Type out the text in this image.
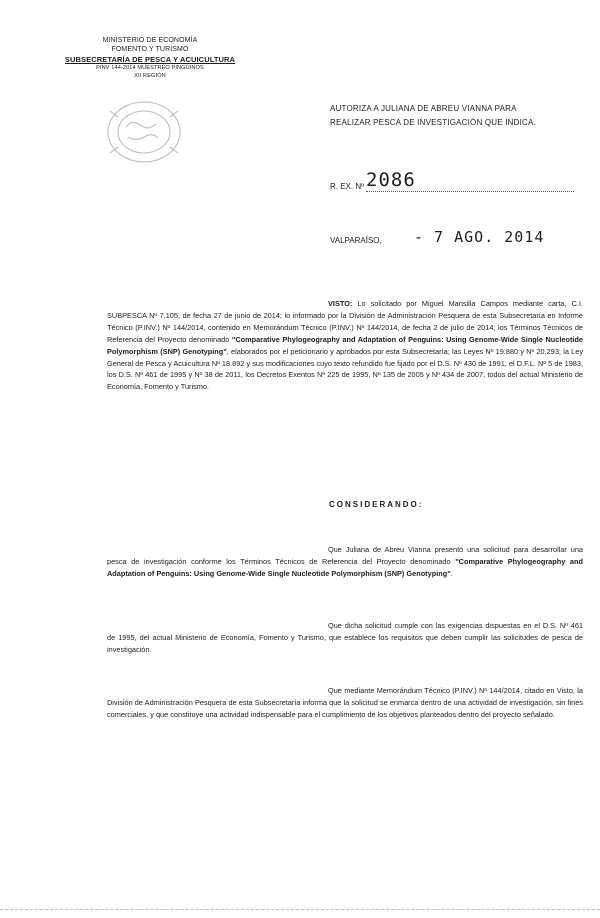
MINISTERIO DE ECONOMÍA
FOMENTO Y TURISMO
SUBSECRETARÍA DE PESCA Y ACUICULTURA
PINV 144-2014 MUESTREO PINGÜINOS
XII REGIÓN
AUTORIZA A JULIANA DE ABREU VIANNA PARA
REALIZAR PESCA DE INVESTIGACIÓN QUE INDICA.
R. EX. Nº 2086
VALPARAÍSO, - 7 AGO. 2014
VISTO: Lo solicitado por Miguel Mansilla Campos mediante carta, C.I. SUBPESCA Nº 7.105, de fecha 27 de junio de 2014; lo informado por la División de Administración Pesquera de esta Subsecretaría en Informe Técnico (P.INV.) Nº 144/2014, contenido en Memorándum Técnico (P.INV.) Nº 144/2014, de fecha 2 de julio de 2014; los Términos Técnicos de Referencia del Proyecto denominado "Comparative Phylogeography and Adaptation of Penguins: Using Genome-Wide Single Nucleotide Polymorphism (SNP) Genotyping", elaborados por el peticionario y aprobados por esta Subsecretaría; las Leyes Nº 19.880 y Nº 20.293; la Ley General de Pesca y Acuicultura Nº 18.892 y sus modificaciones cuyo texto refundido fue fijado por el D.S. Nº 430 de 1991, el D.F.L. Nº 5 de 1983, los D.S. Nº 461 de 1995 y Nº 38 de 2011, los Decretos Exentos Nº 225 de 1995, Nº 135 de 2005 y Nº 434 de 2007, todos del actual Ministerio de Economía, Fomento y Turismo.
CONSIDERANDO:
Que Juliana de Abreu Vianna presentó una solicitud para desarrollar una pesca de investigación conforme los Términos Técnicos de Referencia del Proyecto denominado "Comparative Phylogeography and Adaptation of Penguins: Using Genome-Wide Single Nucleotide Polymorphism (SNP) Genotyping".
Que dicha solicitud cumple con las exigencias dispuestas en el D.S. Nº 461 de 1995, del actual Ministerio de Economía, Fomento y Turismo, que establece los requisitos que deben cumplir las solicitudes de pesca de investigación.
Que mediante Memorándum Técnico (P.INV.) Nº 144/2014, citado en Visto, la División de Administración Pesquera de esta Subsecretaría informa que la solicitud se enmarca dentro de una actividad de investigación, sin fines comerciales, y que constituye una actividad indispensable para el cumplimiento de los objetivos planteados dentro del proyecto señalado.
